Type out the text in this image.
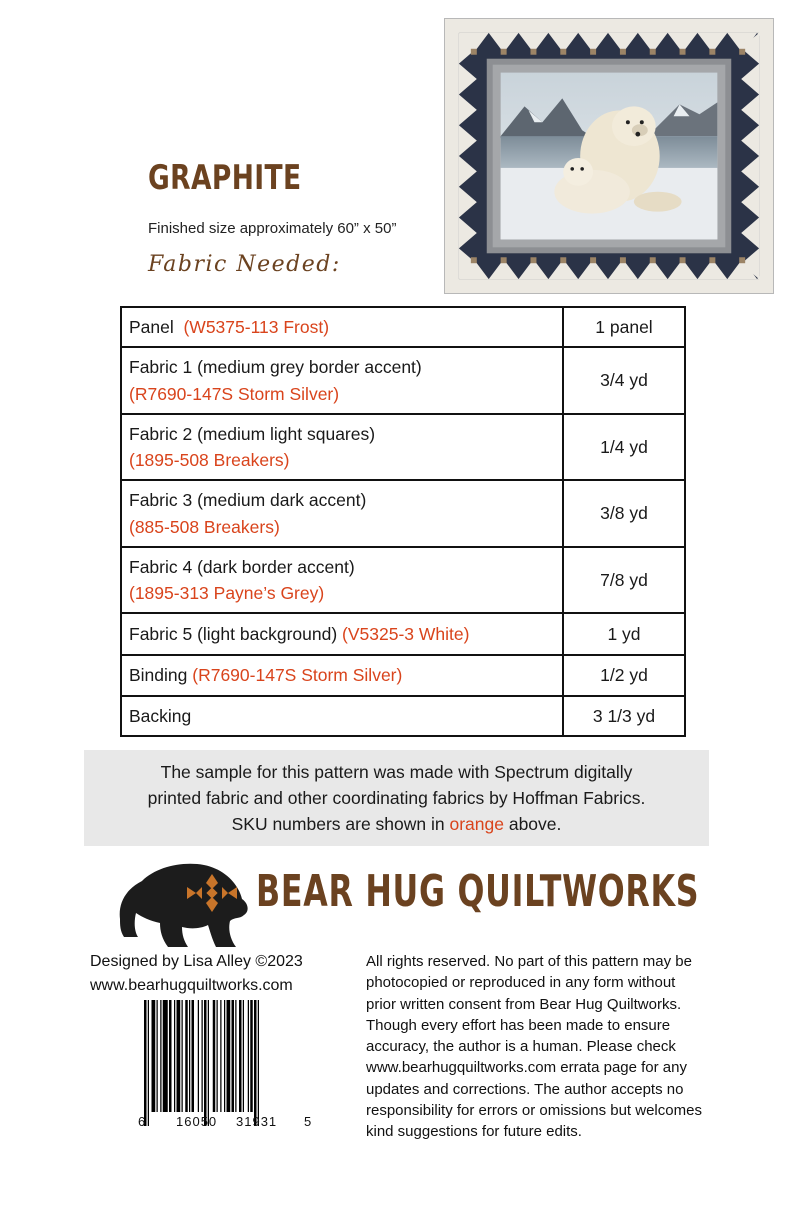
GRAPHITE
Finished size approximately 60” x 50”
Fabric Needed:
Panel  (W5375-113 Frost)	1 panel
Fabric 1 (medium grey border accent)
(R7690-147S Storm Silver)	3/4 yd
Fabric 2 (medium light squares)
(1895-508 Breakers)	1/4 yd
Fabric 3 (medium dark accent)
(885-508 Breakers)	3/8 yd
Fabric 4 (dark border accent)
(1895-313 Payne’s Grey)	7/8 yd
Fabric 5 (light background) (V5325-3 White)	1 yd
Binding (R7690-147S Storm Silver)	1/2 yd
Backing	3 1/3 yd
The sample for this pattern was made with Spectrum digitally
printed fabric and other coordinating fabrics by Hoffman Fabrics.
SKU numbers are shown in orange above.
BEAR HUG QUILTWORKS
Designed by Lisa Alley ©2023
www.bearhugquiltworks.com
6 16050 31931 5
All rights reserved. No part of this pattern may be
photocopied or reproduced in any form without
prior written consent from Bear Hug Quiltworks.
Though every effort has been made to ensure
accuracy, the author is a human. Please check
www.bearhugquiltworks.com errata page for any
updates and corrections. The author accepts no
responsibility for errors or omissions but welcomes
kind suggestions for future edits.
